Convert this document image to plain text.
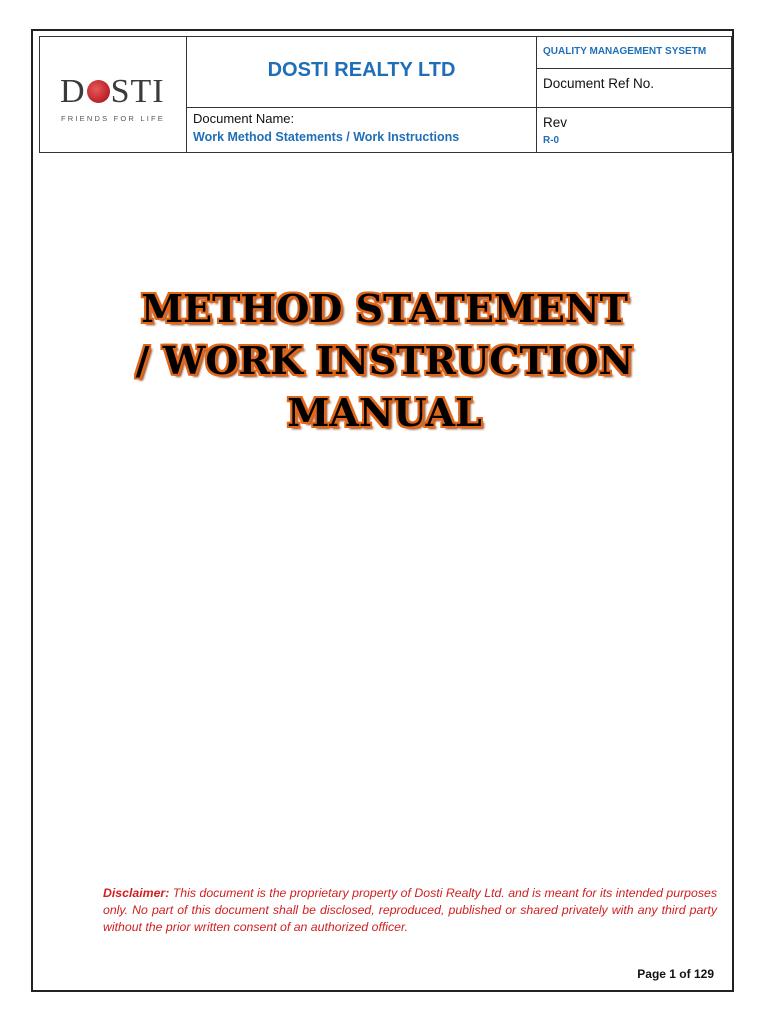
D STI
FRIENDS FOR LIFE
DOSTI REALTY LTD
Document Name:
Work Method Statements / Work Instructions
QUALITY MANAGEMENT SYSETM
Document Ref No.
Rev
R-0
METHOD STATEMENT
/ WORK INSTRUCTION
MANUAL
Disclaimer: This document is the proprietary property of Dosti Realty Ltd. and is meant for its intended purposes only. No part of this document shall be disclosed, reproduced, published or shared privately with any third party without the prior written consent of an authorized officer.
Page 1 of 129
